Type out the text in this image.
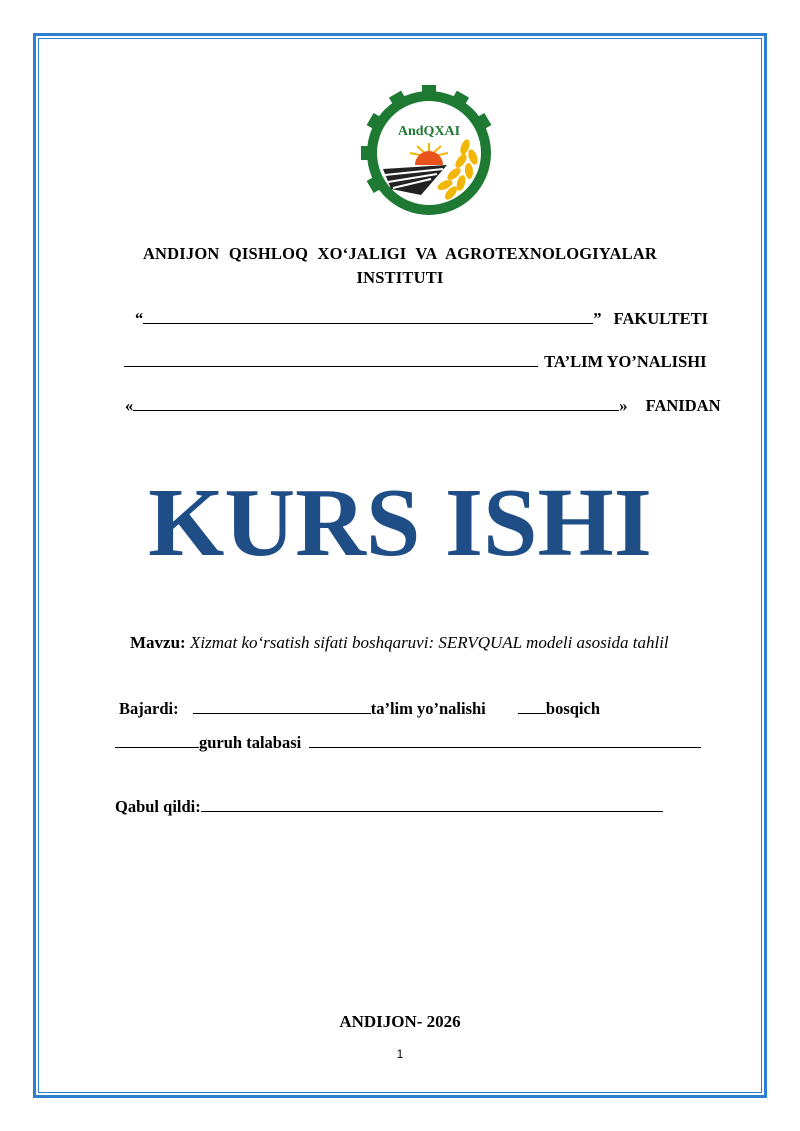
AndQXAI
ANDIJON QISHLOQ XO‘JALIGI VA AGROTEXNOLOGIYALAR
INSTITUTI
“	” FAKULTETI
TA’LIM YO’NALISHI
«	» FANIDAN
KURS ISHI
Mavzu: Xizmat ko‘rsatish sifati boshqaruvi: SERVQUAL modeli asosida tahlil
Bajardi:	ta’lim yo’nalishi	bosqich
guruh talabasi
Qabul qildi:
ANDIJON- 2026
1
